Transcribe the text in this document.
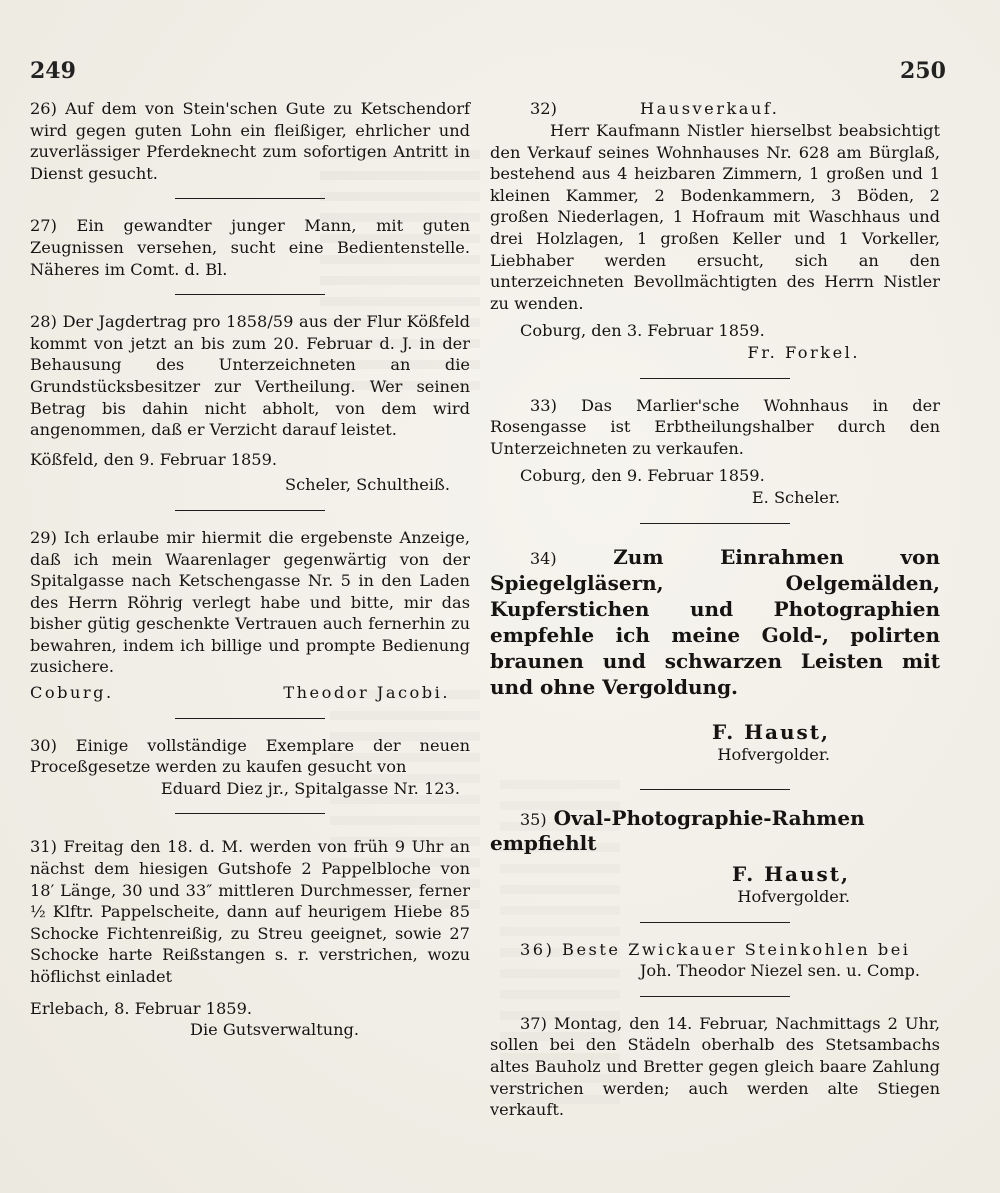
249	250

26) Auf dem von Stein'schen Gute zu Ketschendorf wird gegen guten Lohn ein fleißiger, ehrlicher und zuverlässiger Pferdeknecht zum sofortigen Antritt in Dienst gesucht.

27) Ein gewandter junger Mann, mit guten Zeugnissen versehen, sucht eine Bedientenstelle. Näheres im Comt. d. Bl.

28) Der Jagdertrag pro 1858/59 aus der Flur Kößfeld kommt von jetzt an bis zum 20. Februar d. J. in der Behausung des Unterzeichneten an die Grundstücksbesitzer zur Vertheilung. Wer seinen Betrag bis dahin nicht abholt, von dem wird angenommen, daß er Verzicht darauf leistet.

Kößfeld, den 9. Februar 1859.

Scheler, Schultheiß.

29) Ich erlaube mir hiermit die ergebenste Anzeige, daß ich mein Waarenlager gegenwärtig von der Spitalgasse nach Ketschengasse Nr. 5 in den Laden des Herrn Röhrig verlegt habe und bitte, mir das bisher gütig geschenkte Vertrauen auch fernerhin zu bewahren, indem ich billige und prompte Bedienung zusichere.

Coburg.	Theodor Jacobi.

30) Einige vollständige Exemplare der neuen Proceßgesetze werden zu kaufen gesucht von

Eduard Diez jr., Spitalgasse Nr. 123.

31) Freitag den 18. d. M. werden von früh 9 Uhr an nächst dem hiesigen Gutshofe 2 Pappelbloche von 18′ Länge, 30 und 33″ mittleren Durchmesser, ferner ½ Klftr. Pappelscheite, dann auf heurigem Hiebe 85 Schocke Fichtenreißig, zu Streu geeignet, sowie 27 Schocke harte Reißstangen s. r. verstrichen, wozu höflichst einladet

Erlebach, 8. Februar 1859.

Die Gutsverwaltung.

32)	Hausverkauf.

Herr Kaufmann Nistler hierselbst beabsichtigt den Verkauf seines Wohnhauses Nr. 628 am Bürglaß, bestehend aus 4 heizbaren Zimmern, 1 großen und 1 kleinen Kammer, 2 Bodenkammern, 3 Böden, 2 großen Niederlagen, 1 Hofraum mit Waschhaus und drei Holzlagen, 1 großen Keller und 1 Vorkeller, Liebhaber werden ersucht, sich an den unterzeichneten Bevollmächtigten des Herrn Nistler zu wenden.

Coburg, den 3. Februar 1859.

Fr. Forkel.

33) Das Marlier'sche Wohnhaus in der Rosengasse ist Erbtheilungshalber durch den Unterzeichneten zu verkaufen.

Coburg, den 9. Februar 1859.

E. Scheler.

34)	Zum Einrahmen von Spiegelgläsern, Oelgemälden, Kupferstichen und Photographien empfehle ich meine Gold-, polirten braunen und schwarzen Leisten mit und ohne Vergoldung.

F. Haust,

Hofvergolder.

35) Oval-Photographie-Rahmen empfiehlt

F. Haust,

Hofvergolder.

36) Beste Zwickauer Steinkohlen bei

Joh. Theodor Niezel sen. u. Comp.

37) Montag, den 14. Februar, Nachmittags 2 Uhr, sollen bei den Städeln oberhalb des Stetsambachs altes Bauholz und Bretter gegen gleich baare Zahlung verstrichen werden; auch werden alte Stiegen verkauft.
